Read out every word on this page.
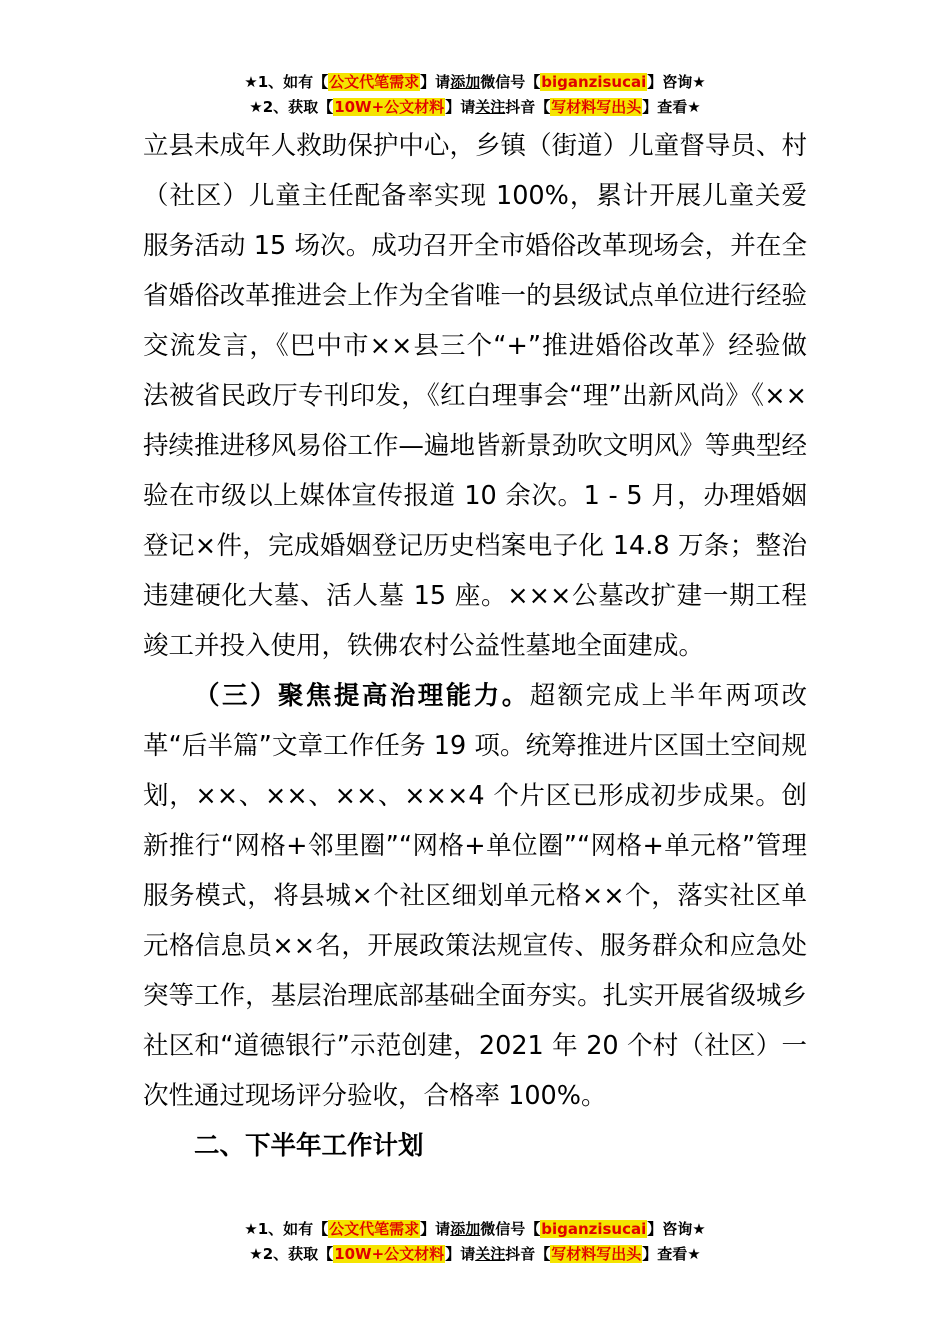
★1、如有【公文代笔需求】请添加微信号【biganzisucai】咨询★
★2、获取【10W+公文材料】请关注抖音【写材料写出头】查看★

立县未成年人救助保护中心，乡镇（街道）儿童督导员、村（社区）儿童主任配备率实现 100%，累计开展儿童关爱服务活动 15 场次。成功召开全市婚俗改革现场会，并在全省婚俗改革推进会上作为全省唯一的县级试点单位进行经验交流发言，《巴中市××县三个“+”推进婚俗改革》经验做法被省民政厅专刊印发，《红白理事会“理”出新风尚》《××持续推进移风易俗工作—遍地皆新景劲吹文明风》等典型经验在市级以上媒体宣传报道 10 余次。1 - 5 月，办理婚姻登记×件，完成婚姻登记历史档案电子化 14.8 万条；整治违建硬化大墓、活人墓 15 座。×××公墓改扩建一期工程竣工并投入使用，铁佛农村公益性墓地全面建成。

（三）聚焦提高治理能力。超额完成上半年两项改革“后半篇”文章工作任务 19 项。统筹推进片区国土空间规划，××、××、××、×××4 个片区已形成初步成果。创新推行“网格+邻里圈”“网格+单位圈”“网格+单元格”管理服务模式，将县城×个社区细划单元格××个，落实社区单元格信息员××名，开展政策法规宣传、服务群众和应急处突等工作，基层治理底部基础全面夯实。扎实开展省级城乡社区和“道德银行”示范创建，2021 年 20 个村（社区）一次性通过现场评分验收，合格率 100%。

二、下半年工作计划

★1、如有【公文代笔需求】请添加微信号【biganzisucai】咨询★
★2、获取【10W+公文材料】请关注抖音【写材料写出头】查看★
